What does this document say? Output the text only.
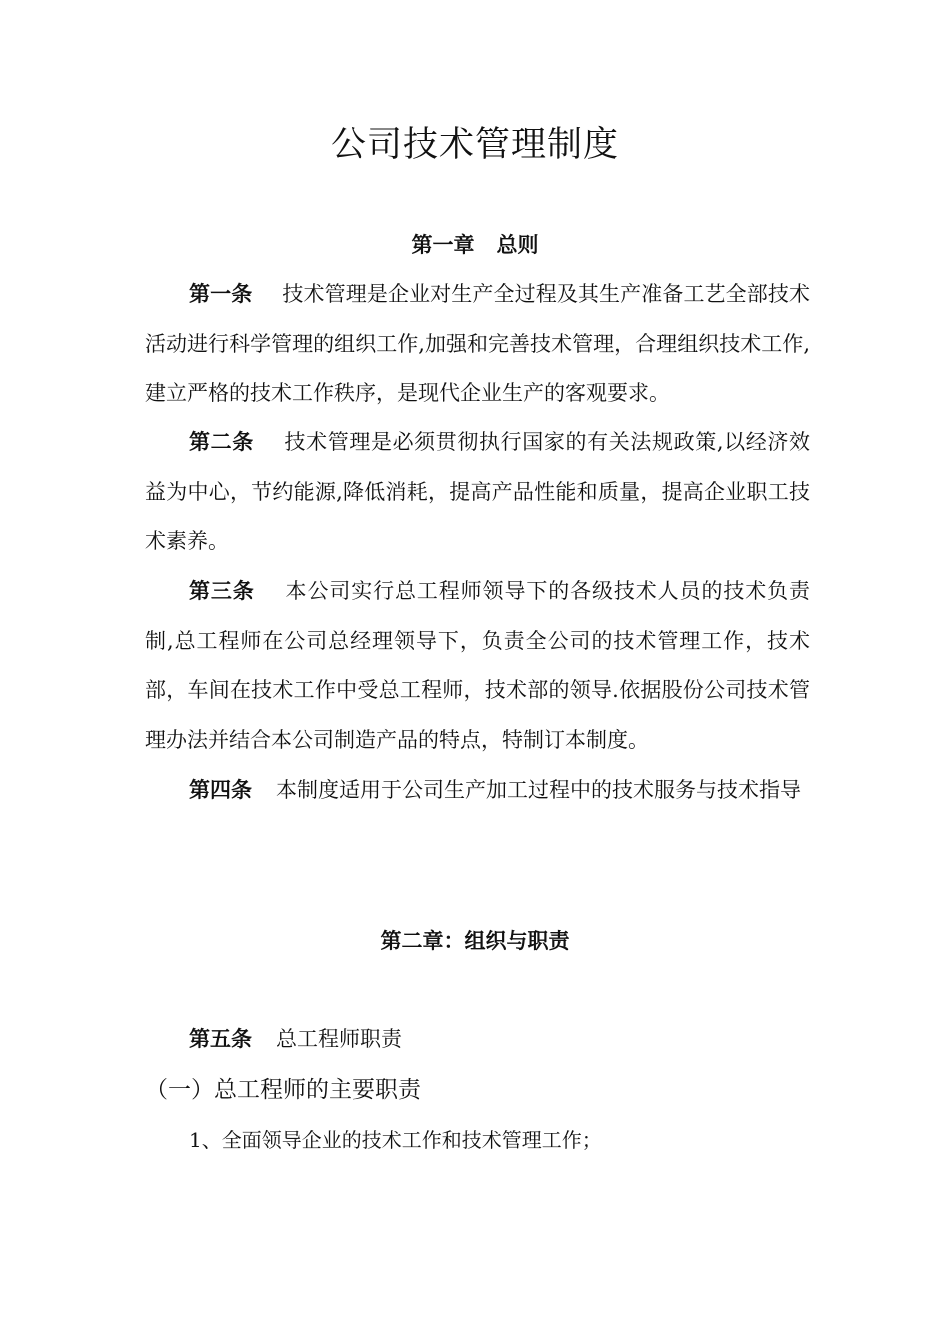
公司技术管理制度
第一章 总则

第一条 技术管理是企业对生产全过程及其生产准备工艺全部技术活动进行科学管理的组织工作,加强和完善技术管理，合理组织技术工作,建立严格的技术工作秩序，是现代企业生产的客观要求。

第二条 技术管理是必须贯彻执行国家的有关法规政策,以经济效益为中心，节约能源,降低消耗，提高产品性能和质量，提高企业职工技术素养。

第三条 本公司实行总工程师领导下的各级技术人员的技术负责制,总工程师在公司总经理领导下，负责全公司的技术管理工作，技术部，车间在技术工作中受总工程师，技术部的领导.依据股份公司技术管理办法并结合本公司制造产品的特点，特制订本制度。

第四条 本制度适用于公司生产加工过程中的技术服务与技术指导

第二章：组织与职责

第五条 总工程师职责

（一）总工程师的主要职责
1、全面领导企业的技术工作和技术管理工作；
